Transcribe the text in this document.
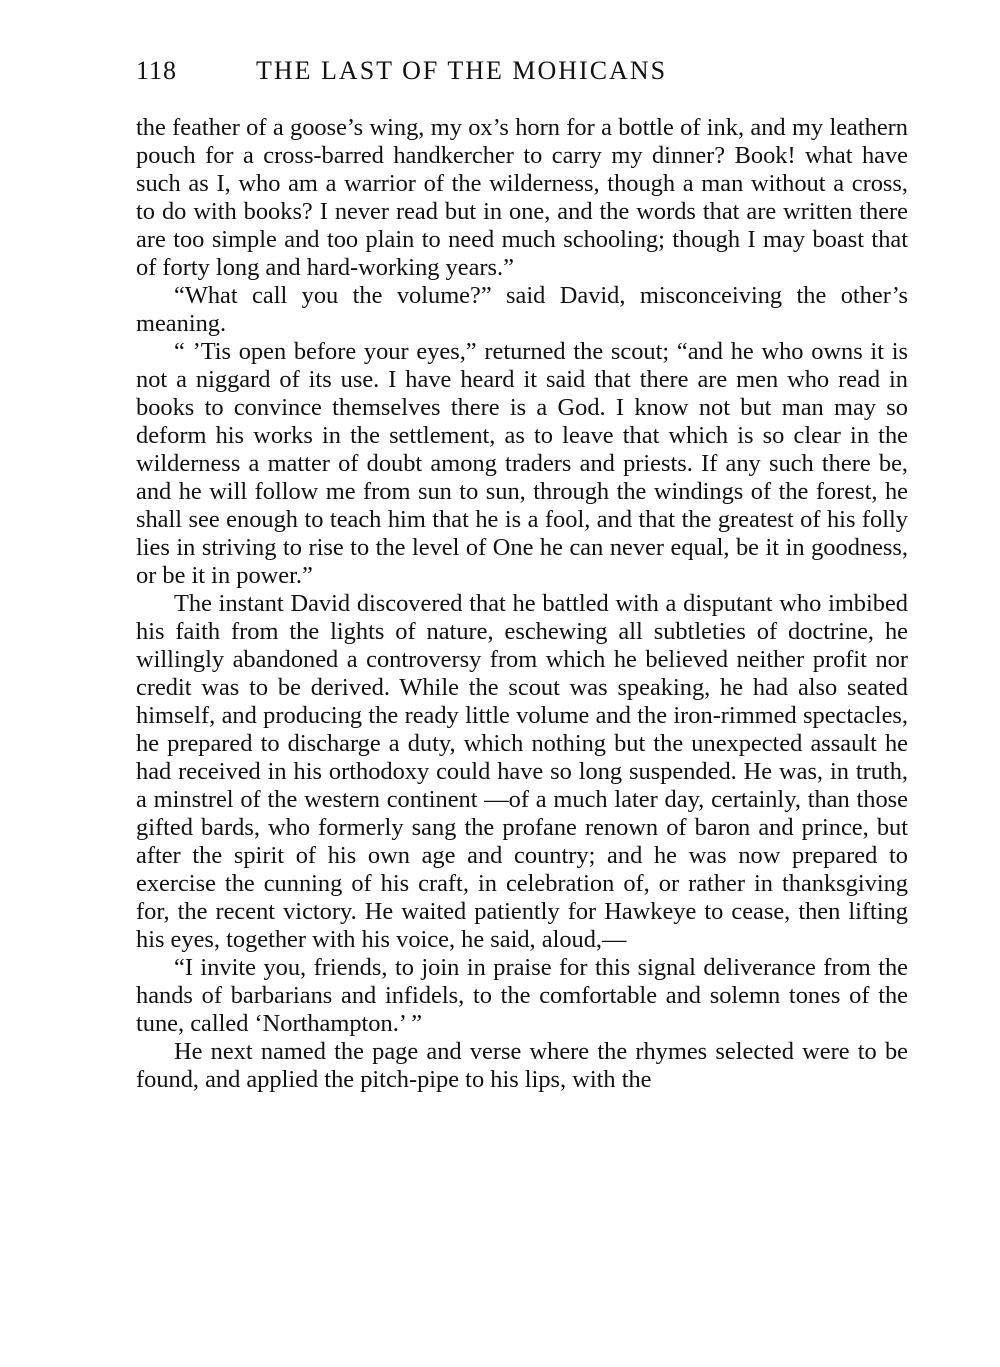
118	THE LAST OF THE MOHICANS

the feather of a goose’s wing, my ox’s horn for a bottle of ink, and my leathern pouch for a cross-barred handkercher to carry my dinner? Book! what have such as I, who am a warrior of the wilderness, though a man without a cross, to do with books? I never read but in one, and the words that are written there are too simple and too plain to need much schooling; though I may boast that of forty long and hard-working years.”

“What call you the volume?” said David, misconceiving the other’s meaning.

“ ’Tis open before your eyes,” returned the scout; “and he who owns it is not a niggard of its use. I have heard it said that there are men who read in books to convince themselves there is a God. I know not but man may so deform his works in the settlement, as to leave that which is so clear in the wilderness a matter of doubt among traders and priests. If any such there be, and he will follow me from sun to sun, through the windings of the forest, he shall see enough to teach him that he is a fool, and that the greatest of his folly lies in striving to rise to the level of One he can never equal, be it in goodness, or be it in power.”

The instant David discovered that he battled with a disputant who imbibed his faith from the lights of nature, eschewing all subtleties of doctrine, he willingly abandoned a controversy from which he believed neither profit nor credit was to be derived. While the scout was speaking, he had also seated himself, and producing the ready little volume and the iron-rimmed spectacles, he prepared to discharge a duty, which nothing but the unexpected assault he had received in his orthodoxy could have so long suspended. He was, in truth, a minstrel of the western continent —of a much later day, certainly, than those gifted bards, who formerly sang the profane renown of baron and prince, but after the spirit of his own age and country; and he was now prepared to exercise the cunning of his craft, in celebration of, or rather in thanksgiving for, the recent victory. He waited patiently for Hawkeye to cease, then lifting his eyes, together with his voice, he said, aloud,—

“I invite you, friends, to join in praise for this signal deliverance from the hands of barbarians and infidels, to the comfortable and solemn tones of the tune, called ‘Northampton.’ ”

He next named the page and verse where the rhymes selected were to be found, and applied the pitch-pipe to his lips, with the
